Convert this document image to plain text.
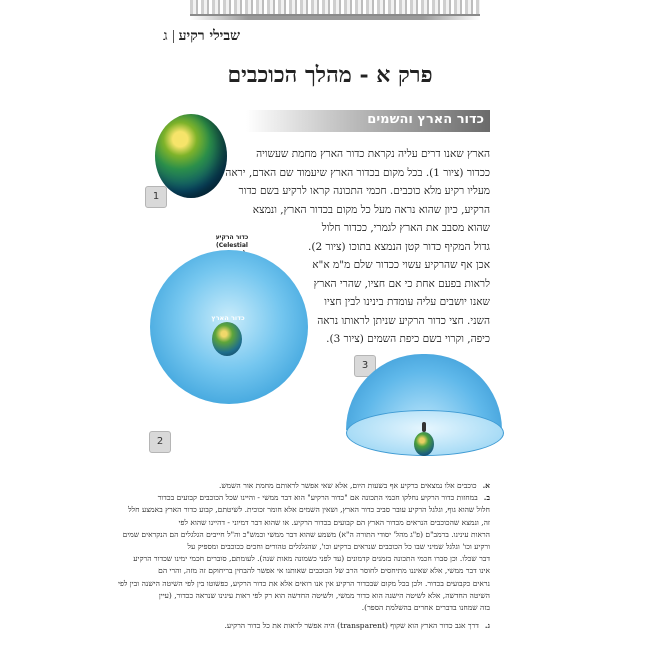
שבילי רקיעג
פרק א - מהלך הכוכבים
כדור הארץ והשמים
הארץ שאנו דרים עליה נקראת כדור הארץ מחמת שעשויה
ככדור (ציור 1). בכל מקום בכדור הארץ שיעמוד שם האדם, יראה
מעליו רקיע מלא כוכבים. חכמי התכונה קראו לרקיע בשם כדור
הרקיע, כיון שהוא נראה מעל כל מקום בכדור הארץ, ונמצא
שהוא מסבב את הארץ לגמרי, ככדור חלול
גדול המקיף כדור קטן הנמצא בתוכו (ציור 2).
אכן אף שהרקיע עשוי ככדור שלם מ"מ א"א
לראות בפעם אחת כי אם חציו, שהרי הארץ
שאנו יושבים עליה עומדת בינינו לבין חציו
השני. חצי כדור הרקיע שניתן לראותו נראה
כיפה, וקרוי בשם כיפת השמים (ציור 3).
1
כדור הרקיע
(Celestial
כדור הארץ
2
3
א.כוכבים אלו נמצאים ברקיע אף בשעות היום, אלא שאי אפשר לראותם מחמת אור השמש.
ב.במחזות כדור הרקיע נחלקו חכמי התכונה אם "כדור הרקיע" הוא דבר ממשי - והיינו שכל הכוכבים קבועים בכדור
חלול שהוא גוף, וגלגל הרקיע עובר סביב כדור הארץ, ושאין השמים אלא חומר זכוכית. לשיטתם, קבוע כדור הארץ באמצע חלל
זה, ונמצא שהכוכבים הנראים מכדור הארץ הם קבועים בכדור הרקיע. או שהוא דבר דמיוני - דהיינו שהוא לפי
הראות עינינו. ברמב"ם (פ"ג מהל' יסודי התורה ה"א) משמע שהוא דבר ממשי וכמש"כ וה"ל חייבים הגלגלים הם הנקראים שמים
ורקיע וכו' וגלגל שמיני שבו כל הכוכבים שנראים ברקיע וכו', שהגלגלים טהורים וחכים ככוכבים ומספיק על
דבר שכלו. וכן סברו חכמי התכונה בזמנים קדמונים (עד לפני כשמונה מאות שנה). לעומתם, סוברים חכמי ימינו שכדור הרקיע
אינו דבר ממשי, אלא שאיננו מתיחסים לחוסר הרב של הכוכבים שאותנו אי אפשר להבחין בריחוקם זה מזה, והרי הם
נראים כקבועים בכדור. ולכן בכל מקום שבכדור הרקיע אין אנו רואים אלא את כדור הרקיע, כפשוטו בין לפי השיטה הישנה ובין לפי
השיטה החדשה, אלא לשיטה הישנה הוא כדור ממשי, ולשיטה החדשה הוא רק לפי ראות עינינו שנראה ככדור, (עיין
בזה שמחנו בדברים אחרים בהשלמת הספר).
ג.דרך אגב כדור הארץ הוא שקוף (transparent) היה אפשר לראות את כל כדור הרקיע.
